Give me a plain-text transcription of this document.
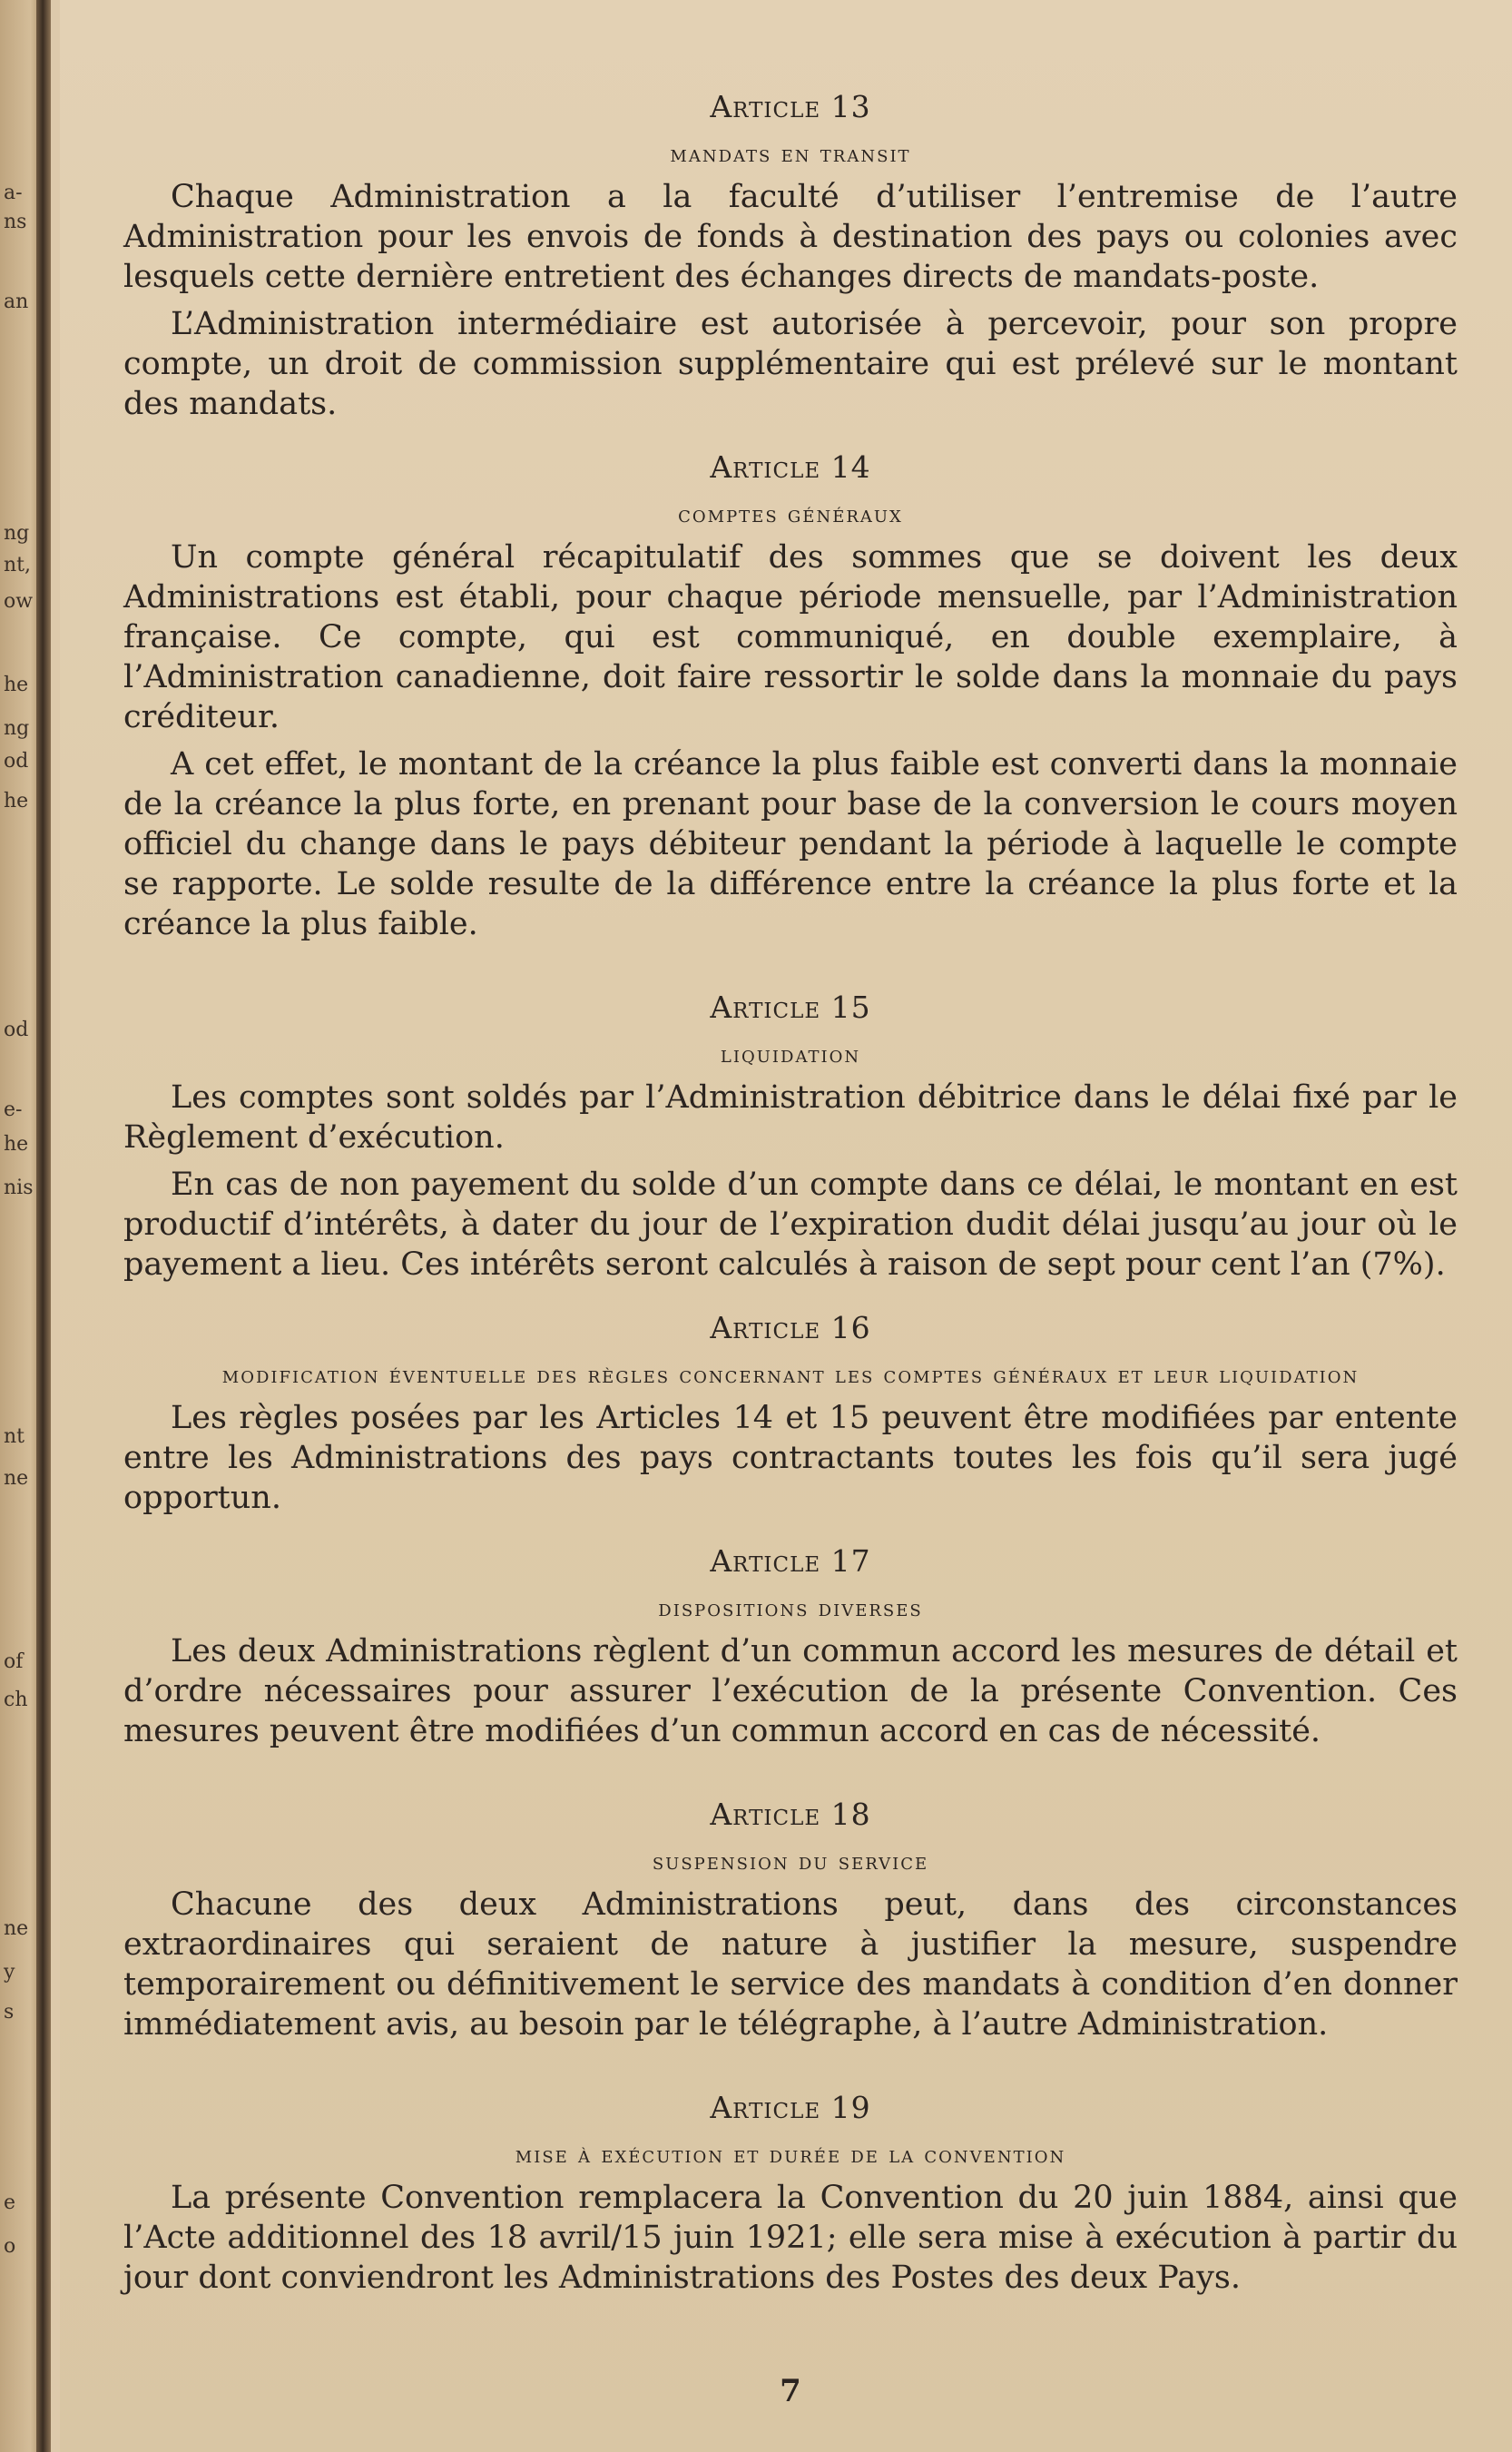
a-
ns
an
ng
nt,
ow
he
ng
od
he
od
e-
he
nis
nt
ne
of
ch
ne
y
s
e
o
Article 13
mandats en transit

Chaque Administration a la faculté d’utiliser l’entremise de l’autre Administration pour les envois de fonds à destination des pays ou colonies avec lesquels cette dernière entretient des échanges directs de mandats-poste.

L’Administration intermédiaire est autorisée à percevoir, pour son propre compte, un droit de commission supplémentaire qui est prélevé sur le montant des mandats.

Article 14
comptes généraux

Un compte général récapitulatif des sommes que se doivent les deux Administrations est établi, pour chaque période mensuelle, par l’Administration française. Ce compte, qui est communiqué, en double exemplaire, à l’Administration canadienne, doit faire ressortir le solde dans la monnaie du pays créditeur.

A cet effet, le montant de la créance la plus faible est converti dans la monnaie de la créance la plus forte, en prenant pour base de la conversion le cours moyen officiel du change dans le pays débiteur pendant la période à laquelle le compte se rapporte. Le solde resulte de la différence entre la créance la plus forte et la créance la plus faible.

Article 15
liquidation

Les comptes sont soldés par l’Administration débitrice dans le délai fixé par le Règlement d’exécution.

En cas de non payement du solde d’un compte dans ce délai, le montant en est productif d’intérêts, à dater du jour de l’expiration dudit délai jusqu’au jour où le payement a lieu. Ces intérêts seront calculés à raison de sept pour cent l’an (7%).

Article 16
modification éventuelle des règles concernant les comptes généraux et leur liquidation

Les règles posées par les Articles 14 et 15 peuvent être modifiées par entente entre les Administrations des pays contractants toutes les fois qu’il sera jugé opportun.

Article 17
dispositions diverses

Les deux Administrations règlent d’un commun accord les mesures de détail et d’ordre nécessaires pour assurer l’exécution de la présente Convention. Ces mesures peuvent être modifiées d’un commun accord en cas de nécessité.

Article 18
suspension du service

Chacune des deux Administrations peut, dans des circonstances extraordinaires qui seraient de nature à justifier la mesure, suspendre temporairement ou définitivement le service des mandats à condition d’en donner immédiatement avis, au besoin par le télégraphe, à l’autre Administration.

Article 19
mise à exécution et durée de la convention

La présente Convention remplacera la Convention du 20 juin 1884, ainsi que l’Acte additionnel des 18 avril/15 juin 1921; elle sera mise à exécution à partir du jour dont conviendront les Administrations des Postes des deux Pays.

7
